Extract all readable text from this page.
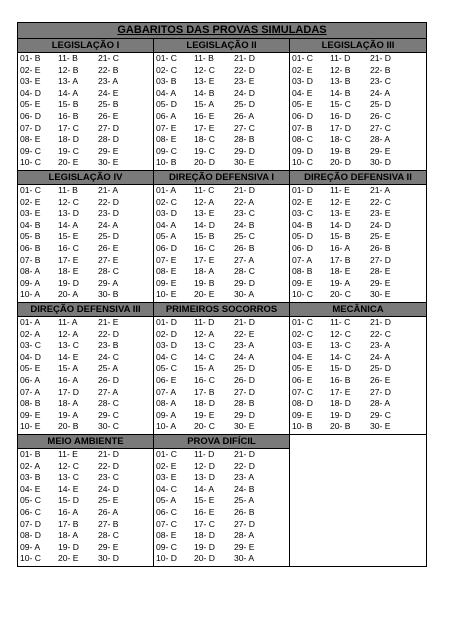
GABARITOS DAS PROVAS SIMULADAS
LEGISLAÇÃO I
01- B
02- E
03- E
04- D
05- E
06- D
07- D
08- E
09- C
10- C
11- B
12- B
13- A
14- A
15- B
16- B
17- C
18- D
19- C
20- E
21- C
22- B
23- A
24- E
25- B
26- E
27- D
28- D
29- E
30- E
LEGISLAÇÃO II
01- C
02- C
03- B
04- A
05- D
06- A
07- E
08- E
09- C
10- B
11- B
12- C
13- E
14- B
15- A
16- E
17- E
18- C
19- C
20- D
21- D
22- D
23- E
24- D
25- D
26- A
27- C
28- B
29- D
30- E
LEGISLAÇÃO III
01- C
02- E
03- D
04- E
05- E
06- D
07- B
08- C
09- D
10- C
11- D
12- B
13- B
14- B
15- C
16- D
17- D
18- C
19- B
20- D
21- D
22- B
23- C
24- A
25- D
26- C
27- C
28- A
29- E
30- D
LEGISLAÇÃO IV
01- C
02- E
03- E
04- B
05- B
06- B
07- B
08- A
09- A
10- A
11- B
12- C
13- D
14- A
15- E
16- C
17- E
18- E
19- D
20- A
21- A
22- D
23- D
24- A
25- D
26- E
27- E
28- C
29- A
30- B
DIREÇÃO DEFENSIVA I
01- A
02- C
03- D
04- A
05- A
06- D
07- E
08- E
09- E
10- E
11- C
12- A
13- E
14- D
15- B
16- C
17- E
18- A
19- B
20- E
21- D
22- A
23- C
24- B
25- C
26- B
27- A
28- C
29- D
30- A
DIREÇÃO DEFENSIVA II
01- D
02- E
03- C
04- B
05- D
06- D
07- A
08- B
09- E
10- C
11- E
12- E
13- E
14- D
15- B
16- A
17- B
18- E
19- A
20- C
21- A
22- C
23- E
24- D
25- E
26- B
27- D
28- E
29- E
30- E
DIREÇÃO DEFENSIVA III
01- A
02- A
03- C
04- D
05- E
06- A
07- A
08- B
09- E
10- E
11- A
12- A
13- C
14- E
15- A
16- A
17- D
18- A
19- A
20- B
21- E
22- D
23- B
24- C
25- A
26- D
27- A
28- C
29- C
30- C
PRIMEIROS SOCORROS
01- D
02- D
03- D
04- C
05- C
06- E
07- A
08- A
09- A
10- A
11- D
12- A
13- C
14- C
15- A
16- C
17- B
18- D
19- E
20- C
21- D
22- E
23- A
24- A
25- D
26- D
27- D
28- B
29- D
30- E
MECÂNICA
01- C
02- C
03- E
04- E
05- E
06- E
07- C
08- D
09- E
10- B
11- C
12- C
13- C
14- C
15- D
16- B
17- E
18- D
19- D
20- B
21- D
22- C
23- A
24- A
25- D
26- E
27- D
28- A
29- C
30- E
MEIO AMBIENTE
01- B
02- A
03- B
04- E
05- C
06- C
07- D
08- D
09- A
10- C
11- E
12- C
13- C
14- E
15- D
16- A
17- B
18- A
19- D
20- E
21- D
22- D
23- C
24- D
25- E
26- A
27- B
28- C
29- E
30- D
PROVA DIFÍCIL
01- C
02- E
03- E
04- C
05- A
06- C
07- C
08- E
09- C
10- D
11- D
12- D
13- D
14- A
15- E
16- E
17- C
18- D
19- D
20- D
21- D
22- D
23- A
24- B
25- A
26- B
27- D
28- A
29- E
30- A
